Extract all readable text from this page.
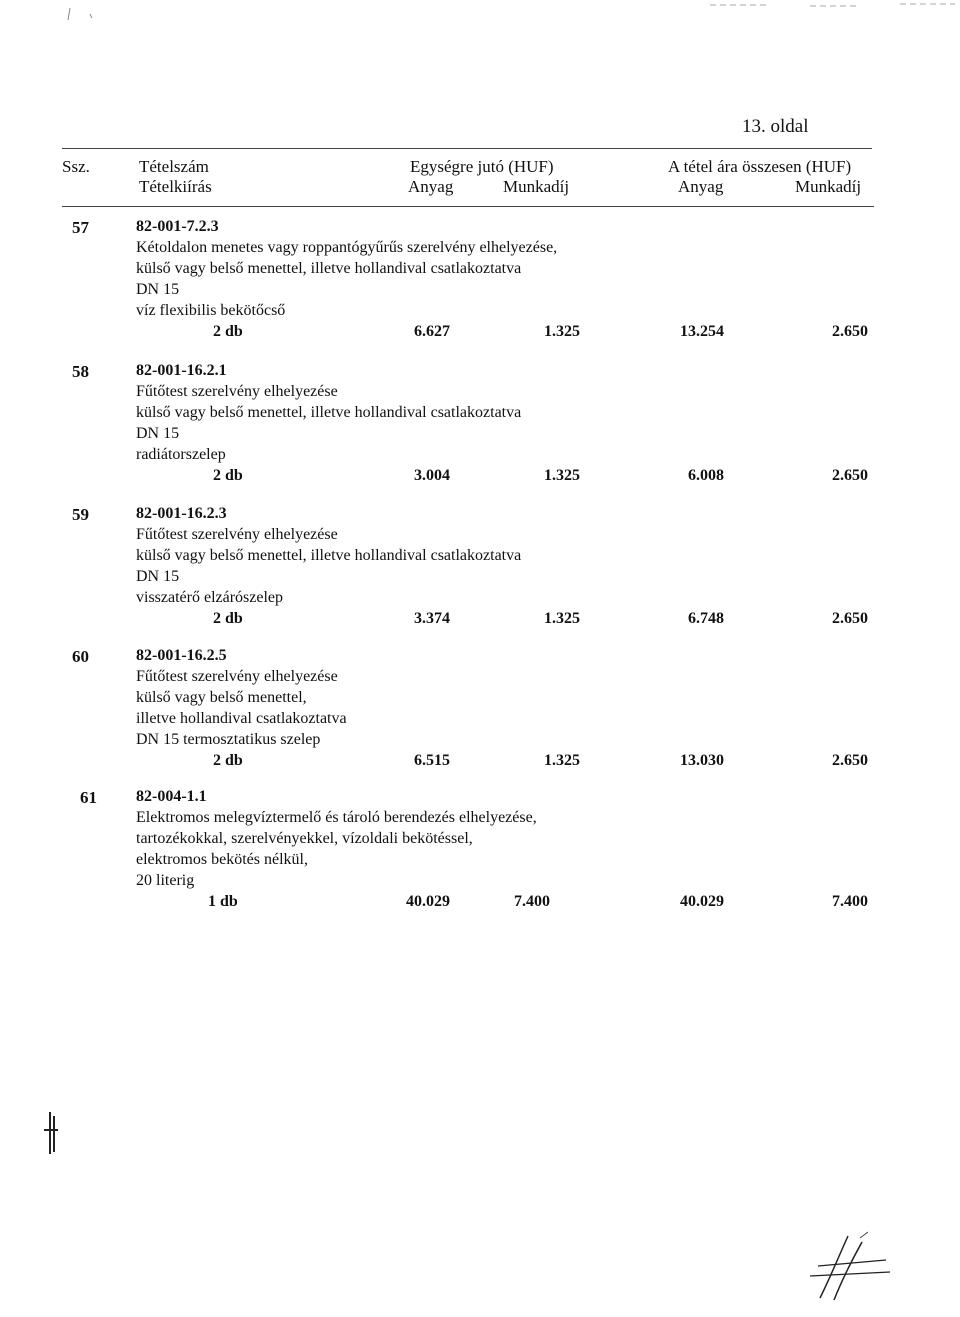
13. oldal
Ssz.	Tételszám
Tételkiírás
Egységre jutó (HUF)
Anyag	Munkadíj
A tétel ára összesen (HUF)
Anyag	Munkadíj
57	82-001-7.2.3
Kétoldalon menetes vagy roppantógyűrűs szerelvény elhelyezése,
külső vagy belső menettel, illetve hollandival csatlakoztatva
DN 15
víz flexibilis bekötőcső
2 db	6.627	1.325	13.254	2.650
58	82-001-16.2.1
Fűtőtest szerelvény elhelyezése
külső vagy belső menettel, illetve hollandival csatlakoztatva
DN 15
radiátorszelep
2 db	3.004	1.325	6.008	2.650
59	82-001-16.2.3
Fűtőtest szerelvény elhelyezése
külső vagy belső menettel, illetve hollandival csatlakoztatva
DN 15
visszatérő elzárószelep
2 db	3.374	1.325	6.748	2.650
60	82-001-16.2.5
Fűtőtest szerelvény elhelyezése
külső vagy belső menettel,
illetve hollandival csatlakoztatva
DN 15 termosztatikus szelep
2 db	6.515	1.325	13.030	2.650
61 82-004-1.1
Elektromos melegvíztermelő és tároló berendezés elhelyezése,
tartozékokkal, szerelvényekkel, vízoldali bekötéssel,
elektromos bekötés nélkül,
20 literig
1 db	40.029	7.400	40.029	7.400
